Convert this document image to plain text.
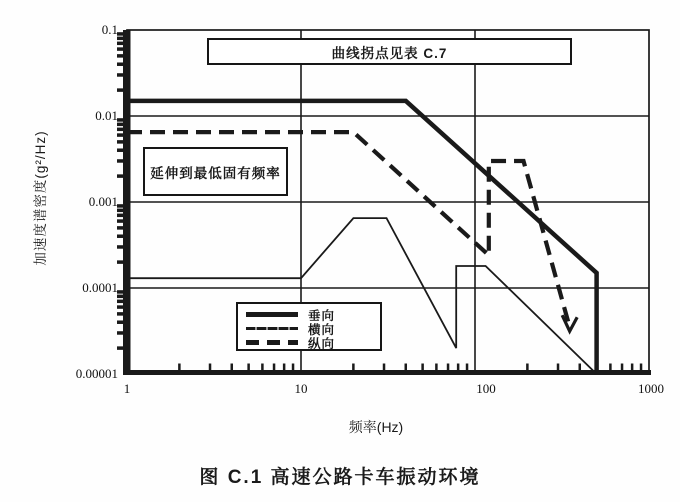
加速度谱密度(g²/Hz)
0.1
0.01
0.001
0.0001
0.00001
1	10	100	1000
频率(Hz)
曲线拐点见表 C.7
延伸到最低固有频率
垂向
横向
纵向
图 C.1 高速公路卡车振动环境
